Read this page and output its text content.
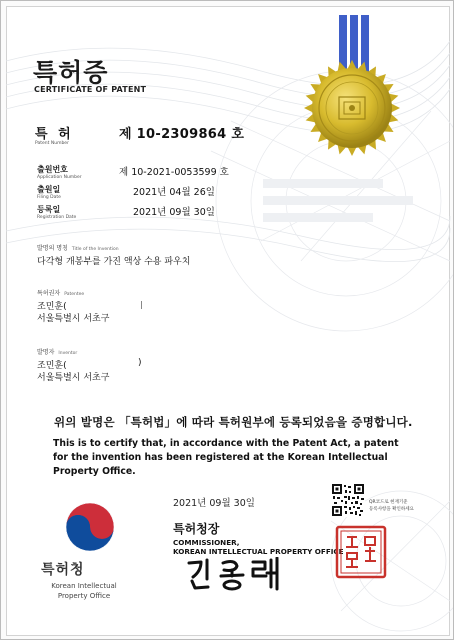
특허증
CERTIFICATE OF PATENT
특 허
Patent Number
제 10-2309864 호
출원번호
Application Number	제 10-2021-0053599 호
출원일
Filing Date	2021년 04월 26일
등록일
Registration Date	2021년 09월 30일
발명의 명칭 Title of the Invention
다각형 개봉부를 가진 액상 수용 파우치
특허권자 Patentee
조민훈(
서울특별시 서초구
발명자 Inventor
조민훈(	)
서울특별시 서초구
위의 발명은 「특허법」에 따라 특허원부에 등록되었음을 증명합니다.
This is to certify that, in accordance with the Patent Act, a patent for the invention has been registered at the Korean Intellectual Property Office.
2021년 09월 30일	QR코드로 현재기준
등록사항을 확인하세요
특허청장
COMMISSIONER,
KOREAN INTELLECTUAL PROPERTY OFFICE
특허청
Korean Intellectual
Property Office
